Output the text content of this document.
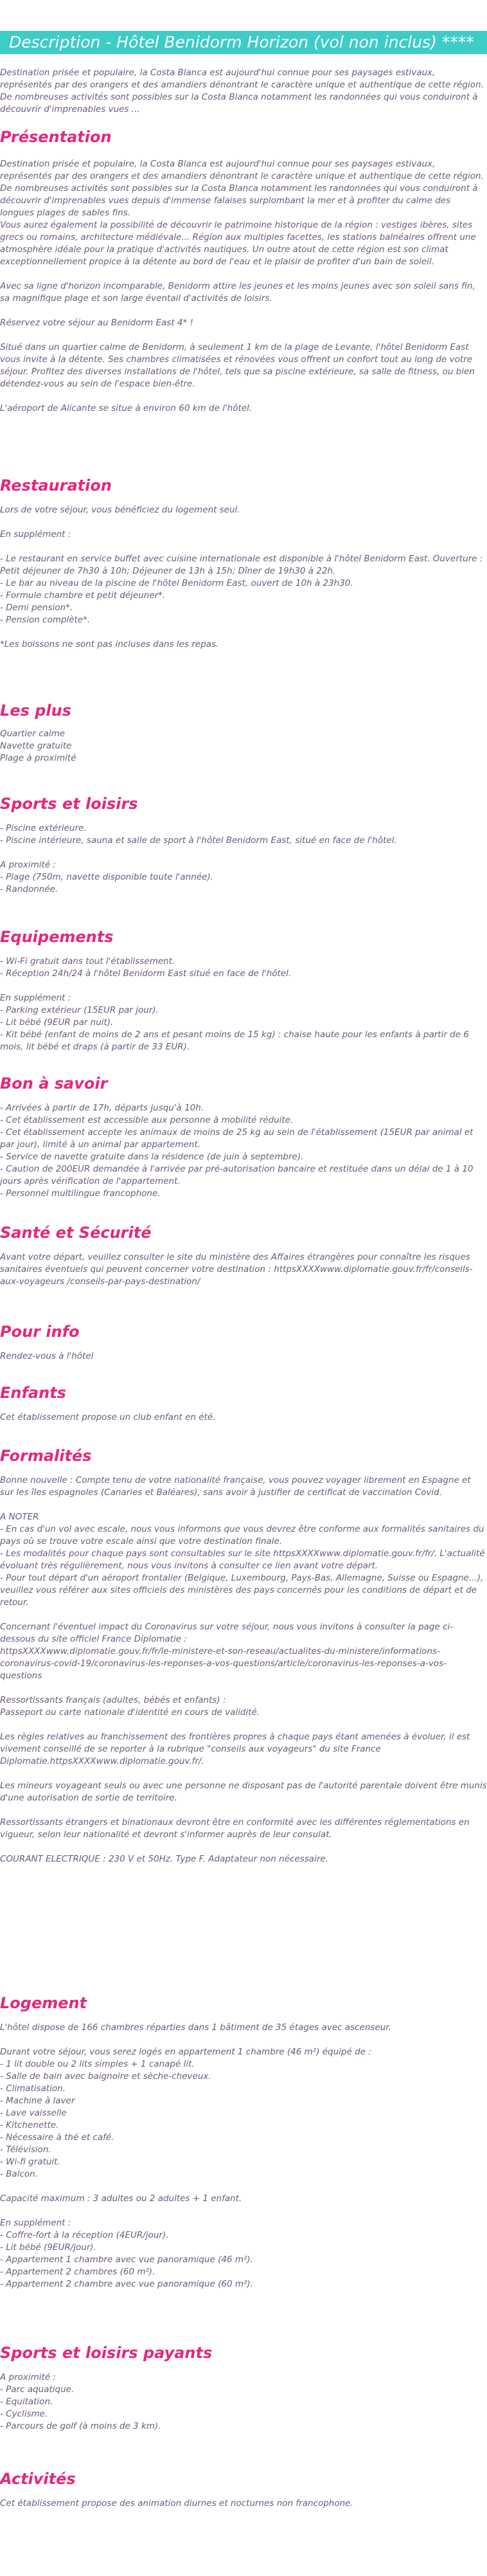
Description - Hôtel Benidorm Horizon (vol non inclus) ****

Destination prisée et populaire, la Costa Blanca est aujourd'hui connue pour ses paysages estivaux, représentés par des orangers et des amandiers dénontrant le caractère unique et authentique de cette région. De nombreuses activités sont possibles sur la Costa Blanca notamment les randonnées qui vous conduiront à découvrir d'imprenables vues ...

Présentation

Destination prisée et populaire, la Costa Blanca est aujourd'hui connue pour ses paysages estivaux, représentés par des orangers et des amandiers dénontrant le caractère unique et authentique de cette région. De nombreuses activités sont possibles sur la Costa Blanca notamment les randonnées qui vous conduiront à découvrir d'imprenables vues depuis d'immense falaises surplombant la mer et à profiter du calme des longues plages de sables fins.

Vous aurez également la possibilité de découvrir le patrimoine historique de la région : vestiges ibères, sites grecs ou romains, architecture médiévale... Région aux multiples facettes, les stations balnéaires offrent une atmosphère idéale pour la pratique d'activités nautiques. Un outre atout de cette région est son climat exceptionnellement propice à la détente au bord de l'eau et le plaisir de profiter d'un bain de soleil.

Avec sa ligne d'horizon incomparable, Benidorm attire les jeunes et les moins jeunes avec son soleil sans fin, sa magnifique plage et son large éventail d'activités de loisirs.

Réservez votre séjour au Benidorm East 4* !

Situé dans un quartier calme de Benidorm, à seulement 1 km de la plage de Levante, l'hôtel Benidorm East vous invite à la détente. Ses chambres climatisées et rénovées vous offrent un confort tout au long de votre séjour. Profitez des diverses installations de l'hôtel, tels que sa piscine extérieure, sa salle de fitness, ou bien détendez-vous au sein de l'espace bien-être.

L'aéroport de Alicante se situe à environ 60 km de l'hôtel.

Restauration

Lors de votre séjour, vous bénéficiez du logement seul.

En supplément :

- Le restaurant en service buffet avec cuisine internationale est disponible à l'hôtel Benidorm East. Ouverture : Petit déjeuner de 7h30 à 10h; Déjeuner de 13h à 15h; Dîner de 19h30 à 22h.

- Le bar au niveau de la piscine de l'hôtel Benidorm East, ouvert de 10h à 23h30.

- Formule chambre et petit déjeuner*.

- Demi pension*.

- Pension complète*.

*Les boissons ne sont pas incluses dans les repas.

Les plus

Quartier calme

Navette gratuite

Plage à proximité

Sports et loisirs

- Piscine extérieure.

- Piscine intérieure, sauna et salle de sport à l'hôtel Benidorm East, situé en face de l'hôtel.

A proximité :

- Plage (750m, navette disponible toute l'année).

- Randonnée.

Equipements

- Wi-Fi gratuit dans tout l'établissement.

- Réception 24h/24 à l'hôtel Benidorm East situé en face de l'hôtel.

En supplément :

- Parking extérieur (15EUR par jour).

- Lit bébé (9EUR par nuit).

- Kit bébé (enfant de moins de 2 ans et pesant moins de 15 kg) : chaise haute pour les enfants à partir de 6 mois, lit bébé et draps (à partir de 33 EUR).

Bon à savoir

- Arrivées à partir de 17h, départs jusqu'à 10h.

- Cet établissement est accessible aux personne à mobilité réduite.

- Cet établissement accepte les animaux de moins de 25 kg au sein de l'établissement (15EUR par animal et par jour), limité à un animal par appartement.

- Service de navette gratuite dans la résidence (de juin à septembre).

- Caution de 200EUR demandée à l'arrivée par pré-autorisation bancaire et restituée dans un délai de 1 à 10 jours après vérification de l'appartement.

- Personnel multilingue francophone.

Santé et Sécurité

Avant votre départ, veuillez consulter le site du ministère des Affaires étrangères pour connaître les risques sanitaires éventuels qui peuvent concerner votre destination : httpsXXXXwww.diplomatie.gouv.fr/fr/conseils-aux-voyageurs /conseils-par-pays-destination/

Pour info

Rendez-vous à l'hôtel

Enfants

Cet établissement propose un club enfant en été.

Formalités

Bonne nouvelle : Compte tenu de votre nationalité française, vous pouvez voyager librement en Espagne et sur les îles espagnoles (Canaries et Baléares), sans avoir à justifier de certificat de vaccination Covid.

A NOTER

- En cas d'un vol avec escale, nous vous informons que vous devrez être conforme aux formalités sanitaires du pays où se trouve votre escale ainsi que votre destination finale.

- Les modalités pour chaque pays sont consultables sur le site httpsXXXXwww.diplomatie.gouv.fr/fr/. L'actualité évoluant très régulièrement, nous vous invitons à consulter ce lien avant votre départ.

- Pour tout départ d'un aéroport frontalier (Belgique, Luxembourg, Pays-Bas, Allemagne, Suisse ou Espagne...), veuillez vous référer aux sites officiels des ministères des pays concernés pour les conditions de départ et de retour.

Concernant l'éventuel impact du Coronavirus sur votre séjour, nous vous invitons à consulter la page ci-dessous du site officiel France Diplomatie :

httpsXXXXwww.diplomatie.gouv.fr/fr/le-ministere-et-son-reseau/actualites-du-ministere/informations-coronavirus-covid-19/coronavirus-les-reponses-a-vos-questions/article/coronavirus-les-reponses-a-vos-questions

Ressortissants français (adultes, bébés et enfants) :

Passeport ou carte nationale d'identité en cours de validité.

Les règles relatives au franchissement des frontières propres à chaque pays étant amenées à évoluer, il est vivement conseillé de se reporter à la rubrique "conseils aux voyageurs" du site France Diplomatie.httpsXXXXwww.diplomatie.gouv.fr/.

Les mineurs voyageant seuls ou avec une personne ne disposant pas de l'autorité parentale doivent être munis d'une autorisation de sortie de territoire.

Ressortissants étrangers et binationaux devront être en conformité avec les différentes réglementations en vigueur, selon leur nationalité et devront s'informer auprès de leur consulat.

COURANT ELECTRIQUE : 230 V et 50Hz. Type F. Adaptateur non nécessaire.

Logement

L'hôtel dispose de 166 chambres réparties dans 1 bâtiment de 35 étages avec ascenseur.

Durant votre séjour, vous serez logés en appartement 1 chambre (46 m²) équipé de :

- 1 lit double ou 2 lits simples + 1 canapé lit.

- Salle de bain avec baignoire et sèche-cheveux.

- Climatisation.

- Machine à laver

- Lave vaisselle

- Kitchenette.

- Nécessaire à thé et café.

- Télévision.

- Wi-fi gratuit.

- Balcon.

Capacité maximum : 3 adultes ou 2 adultes + 1 enfant.

En supplément :

- Coffre-fort à la réception (4EUR/jour).

- Lit bébé (9EUR/jour).

- Appartement 1 chambre avec vue panoramique (46 m²).

- Appartement 2 chambres (60 m²).

- Appartement 2 chambre avec vue panoramique (60 m²).

Sports et loisirs payants

A proximité :

- Parc aquatique.

- Equitation.

- Cyclisme.

- Parcours de golf (à moins de 3 km).

Activités

Cet établissement propose des animation diurnes et nocturnes non francophone.
